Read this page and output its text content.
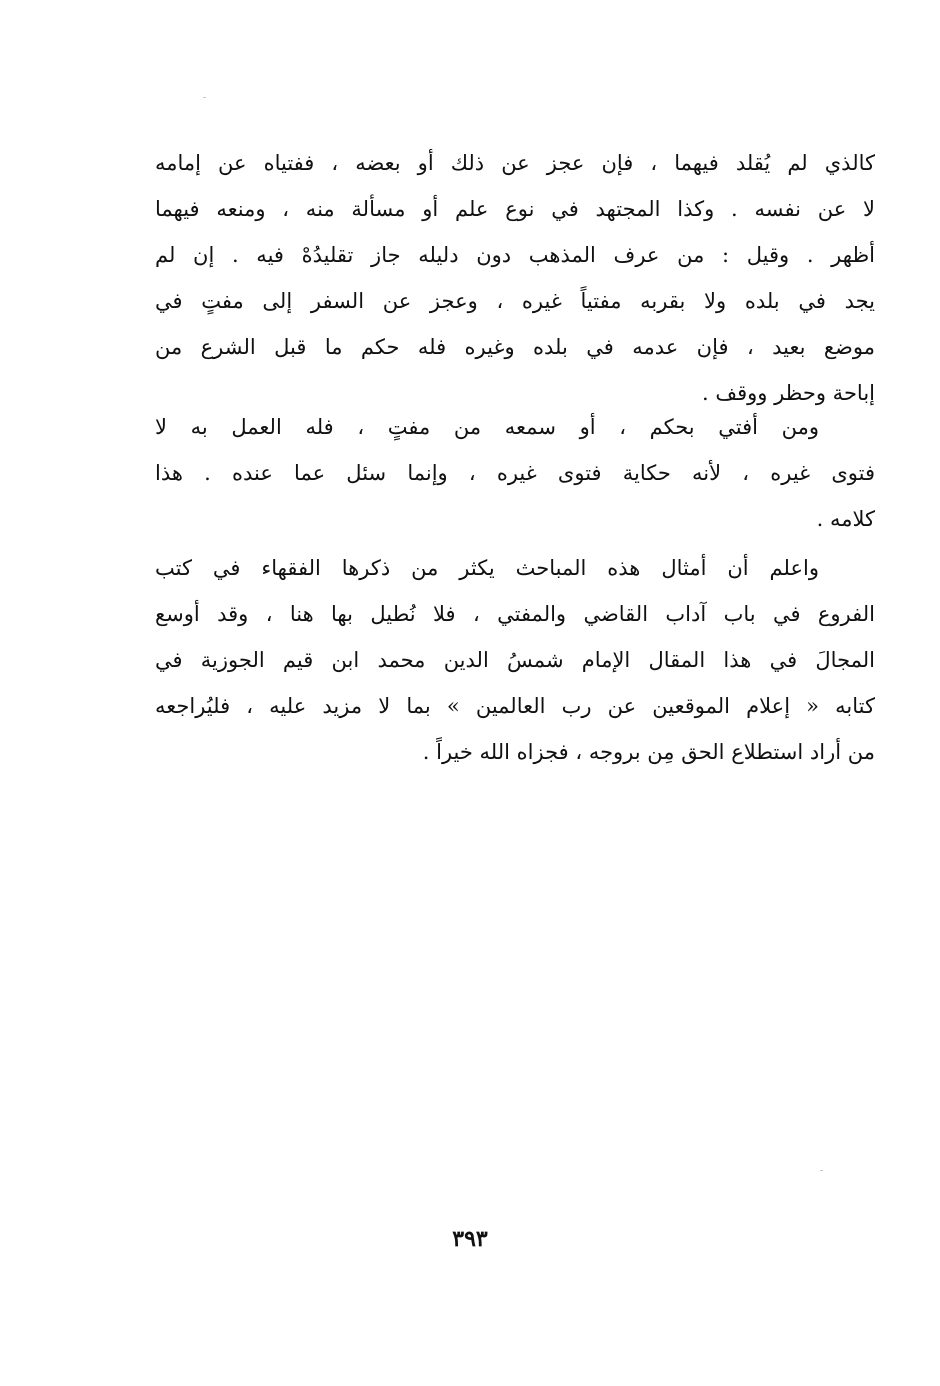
كالذي لم يُقلد فيهما ، فإن عجز عن ذلك أو بعضه ، ففتياه عن إمامه
لا عن نفسه . وكذا المجتهد في نوع علم أو مسألة منه ، ومنعه فيهما
أظهر . وقيل : من عرف المذهب دون دليله جاز تقليدُهْ فيه . إن لم
يجد في بلده ولا بقربه مفتياً غيره ، وعجز عن السفر إلى مفتٍ في
موضع بعيد ، فإن عدمه في بلده وغيره فله حكم ما قبل الشرع من
إباحة وحظر ووقف .
ومن أفتي بحكم ، أو سمعه من مفتٍ ، فله العمل به لا
فتوى غيره ، لأنه حكاية فتوى غيره ، وإنما سئل عما عنده . هذا
كلامه .
واعلم أن أمثال هذه المباحث يكثر من ذكرها الفقهاء في كتب
الفروع في باب آداب القاضي والمفتي ، فلا نُطيل بها هنا ، وقد أوسع
المجالَ في هذا المقال الإمام شمسُ الدين محمد ابن قيم الجوزية في
كتابه « إعلام الموقعين عن رب العالمين » بما لا مزيد عليه ، فليُراجعه
من أراد استطلاع الحق مِن بروجه ، فجزاه الله خيراً .
٣٩٣
